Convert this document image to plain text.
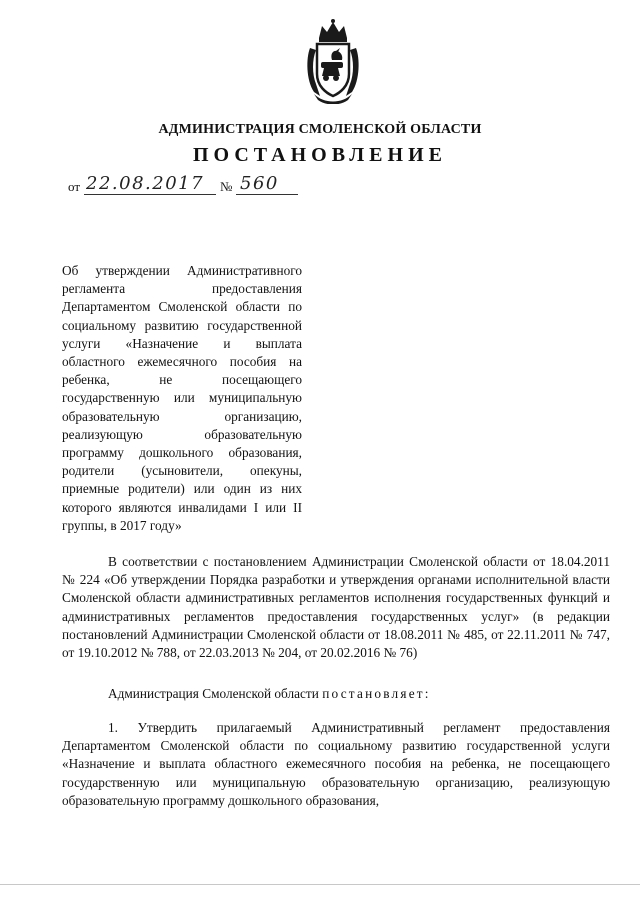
АДМИНИСТРАЦИЯ СМОЛЕНСКОЙ ОБЛАСТИ
ПОСТАНОВЛЕНИЕ
от 22.08.2017 № 560
Об утверждении Административного регламента предоставления Департаментом Смоленской области по социальному развитию государственной услуги «Назначение и выплата областного ежемесячного пособия на ребенка, не посещающего государственную или муниципальную образовательную организацию, реализующую образовательную программу дошкольного образования, родители (усыновители, опекуны, приемные родители) или один из них которого являются инвалидами I или II группы, в 2017 году»
В соответствии с постановлением Администрации Смоленской области от 18.04.2011 № 224 «Об утверждении Порядка разработки и утверждения органами исполнительной власти Смоленской области административных регламентов исполнения государственных функций и административных регламентов предоставления государственных услуг» (в редакции постановлений Администрации Смоленской области от 18.08.2011 № 485, от 22.11.2011 № 747, от 19.10.2012 № 788, от 22.03.2013 № 204, от 20.02.2016 № 76)
Администрация Смоленской области постановляет:
1. Утвердить прилагаемый Административный регламент предоставления Департаментом Смоленской области по социальному развитию государственной услуги «Назначение и выплата областного ежемесячного пособия на ребенка, не посещающего государственную или муниципальную образовательную организацию, реализующую образовательную программу дошкольного образования,
